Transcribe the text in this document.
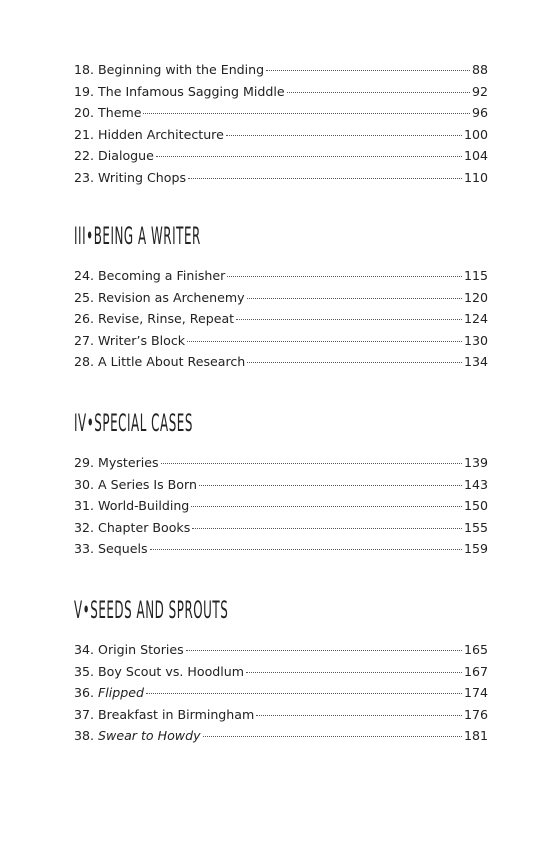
18. Beginning with the Ending	88
19. The Infamous Sagging Middle	92
20. Theme	96
21. Hidden Architecture	100
22. Dialogue	104
23. Writing Chops	110
III•BEING A WRITER
24. Becoming a Finisher	115
25. Revision as Archenemy	120
26. Revise, Rinse, Repeat	124
27. Writer’s Block	130
28. A Little About Research	134
IV•SPECIAL CASES
29. Mysteries	139
30. A Series Is Born	143
31. World-Building	150
32. Chapter Books	155
33. Sequels	159
V•SEEDS AND SPROUTS
34. Origin Stories	165
35. Boy Scout vs. Hoodlum	167
36. Flipped	174
37. Breakfast in Birmingham	176
38. Swear to Howdy	181
